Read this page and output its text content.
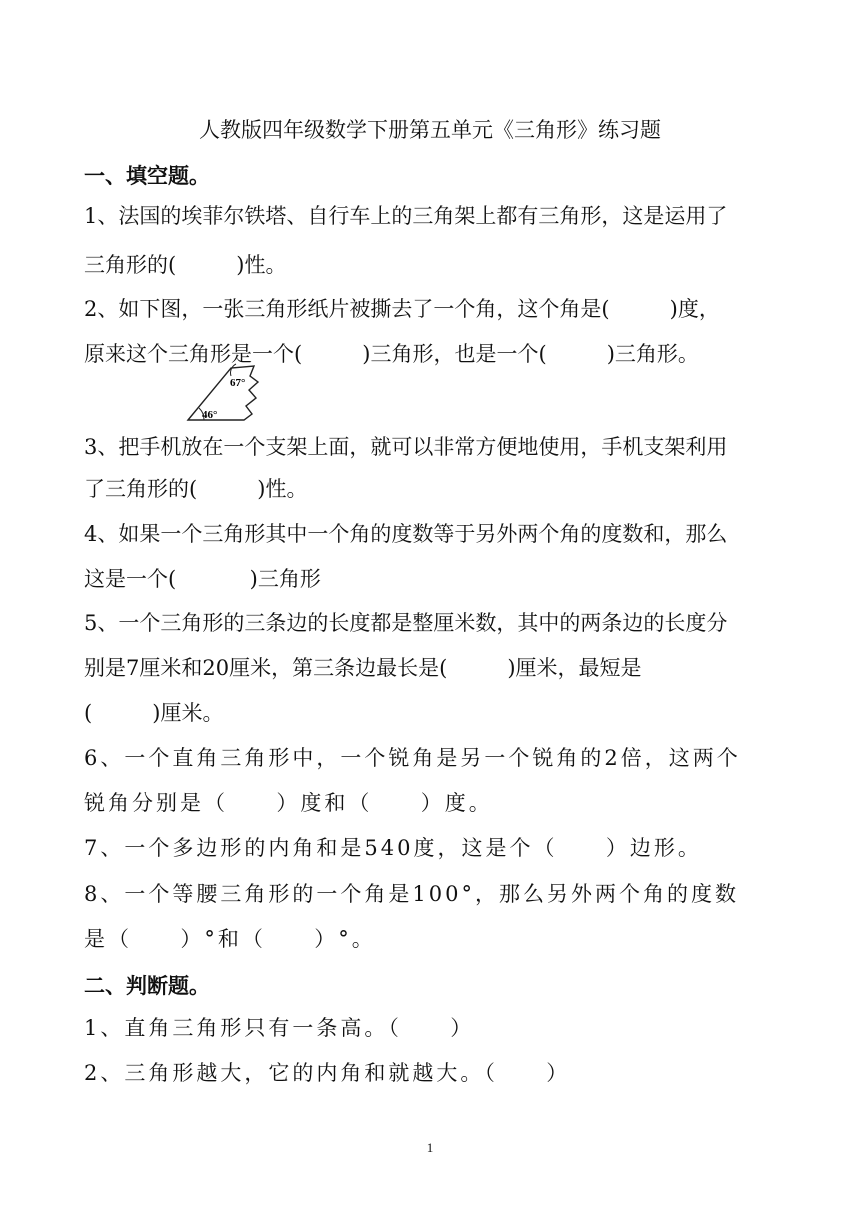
人教版四年级数学下册第五单元《三角形》练习题
一、填空题。
1、法国的埃菲尔铁塔、自行车上的三角架上都有三角形，这是运用了
三角形的(         )性。
2、如下图，一张三角形纸片被撕去了一个角，这个角是(         )度，
原来这个三角形是一个(         )三角形，也是一个(         )三角形。
67°
46°
3、把手机放在一个支架上面，就可以非常方便地使用，手机支架利用
了三角形的(         )性。
4、如果一个三角形其中一个角的度数等于另外两个角的度数和，那么
这是一个(           )三角形
5、一个三角形的三条边的长度都是整厘米数，其中的两条边的长度分
别是7厘米和20厘米，第三条边最长是(         )厘米，最短是
(         )厘米。
6、一个直角三角形中，一个锐角是另一个锐角的2倍，这两个
锐角分别是（     ）度和（     ）度。
7、一个多边形的内角和是540度，这是个（     ）边形。
8、一个等腰三角形的一个角是100°，那么另外两个角的度数
是（     ）°和（     ）°。
二、判断题。
1、直角三角形只有一条高。（     ）
2、三角形越大，它的内角和就越大。（     ）
1
